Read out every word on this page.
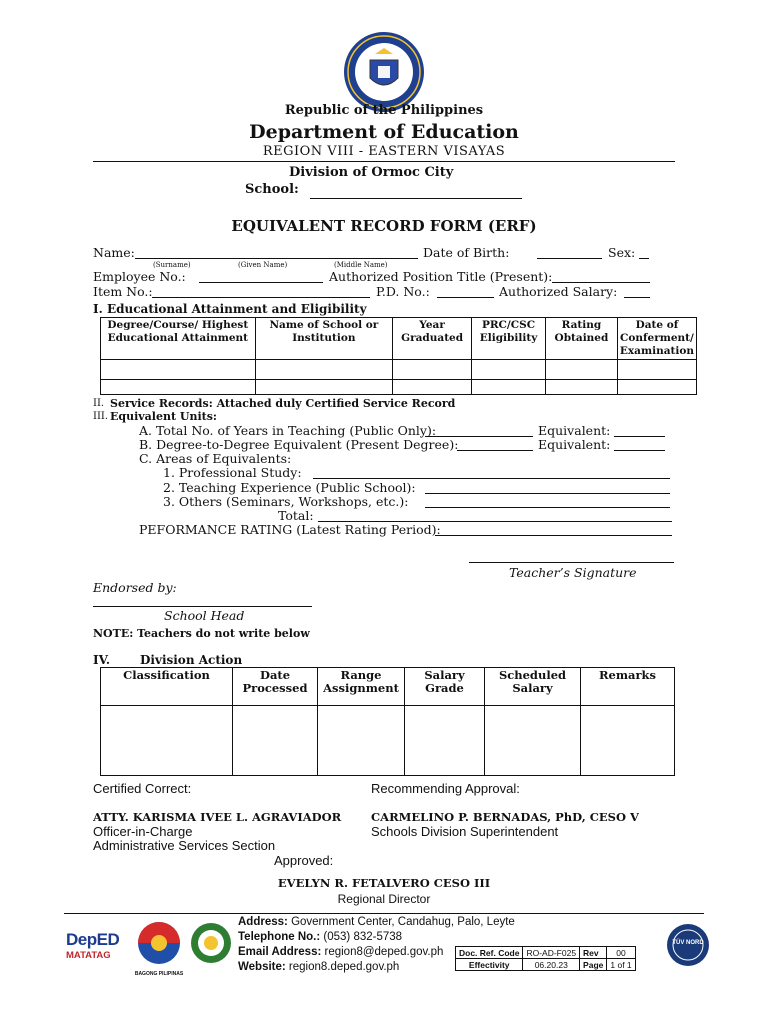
Republic of the Philippines
Department of Education
REGION VIII - EASTERN VISAYAS
Division of Ormoc City
School:
EQUIVALENT RECORD FORM (ERF)
Name:	Date of Birth:	Sex:
(Surname)	(Given Name)	(Middle Name)
Employee No.:	Authorized Position Title (Present):
Item No.:	P.D. No.:	Authorized Salary:
I. Educational Attainment and Eligibility
Degree/Course/ Highest Educational Attainment	Name of School or Institution	Year Graduated	PRC/CSC Eligibility	Rating Obtained	Date of Conferment/ Examination

II. Service Records: Attached duly Certified Service Record
III. Equivalent Units:
A. Total No. of Years in Teaching (Public Only):	Equivalent:
B. Degree-to-Degree Equivalent (Present Degree):	Equivalent:
C. Areas of Equivalents:
1. Professional Study:
2. Teaching Experience (Public School):
3. Others (Seminars, Workshops, etc.):
Total:
PEFORMANCE RATING (Latest Rating Period):
Teacher’s Signature
Endorsed by:
School Head
NOTE: Teachers do not write below
IV. Division Action
Classification	Date Processed	Range Assignment	Salary Grade	Scheduled Salary	Remarks

Certified Correct:	Recommending Approval:
ATTY. KARISMA IVEE L. AGRAVIADOR
Officer-in-Charge
Administrative Services Section
CARMELINO P. BERNADAS, PhD, CESO V
Schools Division Superintendent
Approved:
EVELYN R. FETALVERO CESO III
Regional Director
DepED
MATATAG
BAGONG PILIPINAS
Address: Government Center, Candahug, Palo, Leyte
Telephone No.: (053) 832-5738
Email Address: region8@deped.gov.ph
Website: region8.deped.gov.ph
Doc. Ref. Code	RO-AD-F025	Rev	00
Effectivity	06.20.23	Page	1 of 1
TÜV NORD
